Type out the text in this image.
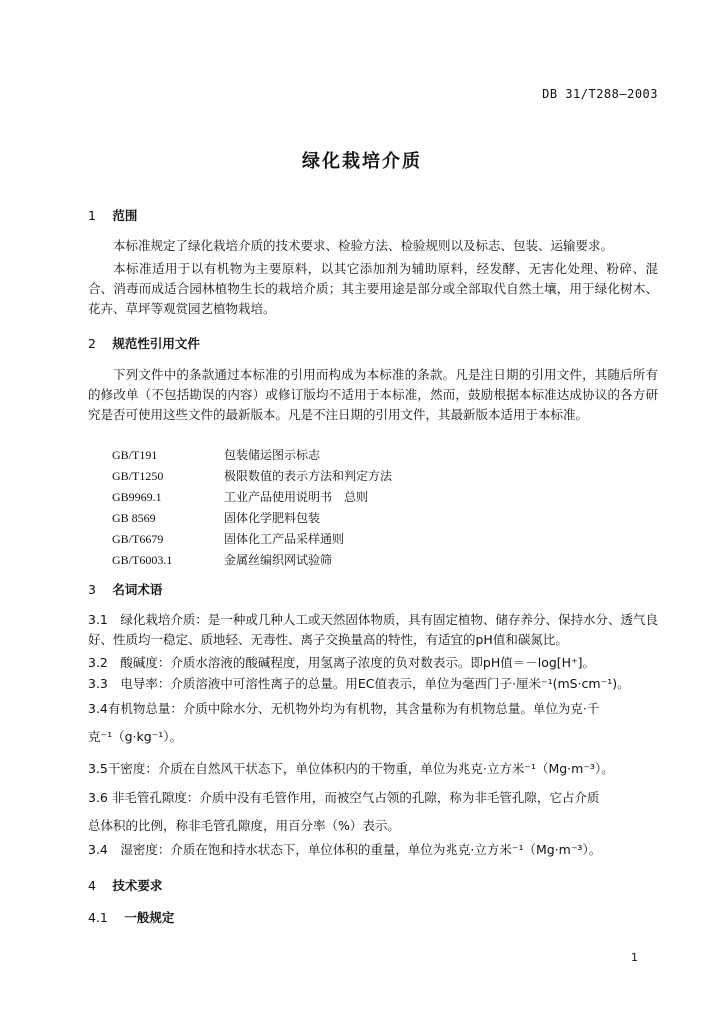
DB 31/T288—2003
绿化栽培介质
1 范围
本标准规定了绿化栽培介质的技术要求、检验方法、检验规则以及标志、包装、运输要求。
本标准适用于以有机物为主要原料，以其它添加剂为辅助原料，经发酵、无害化处理、粉碎、混合、消毒而成适合园林植物生长的栽培介质；其主要用途是部分或全部取代自然土壤，用于绿化树木、花卉、草坪等观赏园艺植物栽培。
2 规范性引用文件
下列文件中的条款通过本标准的引用而构成为本标准的条款。凡是注日期的引用文件，其随后所有的修改单（不包括勘误的内容）或修订版均不适用于本标准，然而，鼓励根据本标准达成协议的各方研究是否可使用这些文件的最新版本。凡是不注日期的引用文件，其最新版本适用于本标准。
GB/T191	包装储运图示标志
GB/T1250	极限数值的表示方法和判定方法
GB9969.1	工业产品使用说明书　总则
GB 8569	固体化学肥料包装
GB/T6679	固体化工产品采样通则
GB/T6003.1	金属丝编织网试验筛
3 名词术语
3.1　绿化栽培介质：是一种或几种人工或天然固体物质，具有固定植物、储存养分、保持水分、透气良好、性质均一稳定、质地轻、无毒性、离子交换量高的特性，有适宜的pH值和碳氮比。
3.2　酸碱度：介质水溶液的酸碱程度，用氢离子浓度的负对数表示。即pH值＝－log[H⁺]。
3.3　电导率：介质溶液中可溶性离子的总量。用EC值表示，单位为毫西门子·厘米⁻¹(mS·cm⁻¹)。
3.4有机物总量：介质中除水分、无机物外均为有机物，其含量称为有机物总量。单位为克·千
克⁻¹（g·kg⁻¹）。
3.5干密度：介质在自然风干状态下，单位体积内的干物重，单位为兆克·立方米⁻¹（Mg·m⁻³）。
3.6 非毛管孔隙度：介质中没有毛管作用，而被空气占领的孔隙，称为非毛管孔隙，它占介质
总体积的比例，称非毛管孔隙度，用百分率（%）表示。
3.4　湿密度：介质在饱和持水状态下，单位体积的重量，单位为兆克·立方米⁻¹（Mg·m⁻³）。
4 技术要求
4.1 一般规定
1
